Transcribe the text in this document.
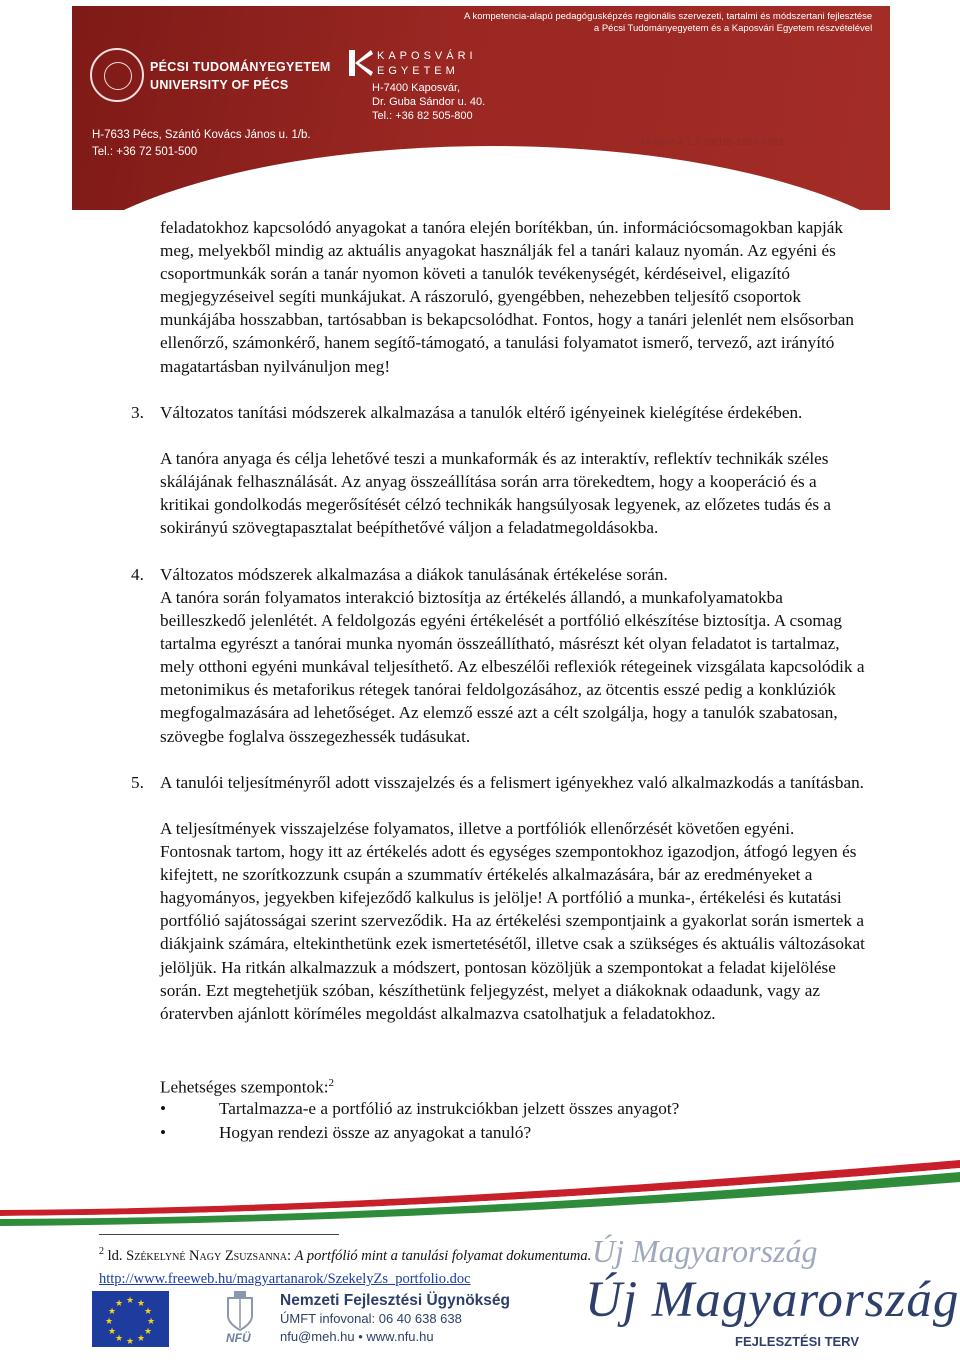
PÉCSI TUDOMÁNYEGYETEM
UNIVERSITY OF PÉCS
KAPOSVÁRI
EGYETEM
H-7400 Kaposvár,
Dr. Guba Sándor u. 40.
Tel.: +36 82 505-800
A kompetencia-alapú pedagógusképzés regionális szervezeti, tartalmi és módszertani fejlesztése
a Pécsi Tudományegyetem és a Kaposvári Egyetem részvételével
H-7633 Pécs, Szántó Kovács János u. 1/b.
Tel.: +36 72 501-500
TÁMOP-4.1.2-08/1/B-2009-0003

feladatokhoz kapcsolódó anyagokat a tanóra elején borítékban, ún. információcsomagokban kapják meg, melyekből mindig az aktuális anyagokat használják fel a tanári kalauz nyomán. Az egyéni és csoportmunkák során a tanár nyomon követi a tanulók tevékenységét, kérdéseivel, eligazító megjegyzéseivel segíti munkájukat. A rászoruló, gyengébben, nehezebben teljesítő csoportok munkájába hosszabban, tartósabban is bekapcsolódhat. Fontos, hogy a tanári jelenlét nem elsősorban ellenőrző, számonkérő, hanem segítő-támogató, a tanulási folyamatot ismerő, tervező, azt irányító magatartásban nyilvánuljon meg!

3. Változatos tanítási módszerek alkalmazása a tanulók eltérő igényeinek kielégítése érdekében.

A tanóra anyaga és célja lehetővé teszi a munkaformák és az interaktív, reflektív technikák széles skálájának felhasználását. Az anyag összeállítása során arra törekedtem, hogy a kooperáció és a kritikai gondolkodás megerősítését célzó technikák hangsúlyosak legyenek, az előzetes tudás és a sokirányú szövegtapasztalat beépíthetővé váljon a feladatmegoldásokba.

4. Változatos módszerek alkalmazása a diákok tanulásának értékelése során.

A tanóra során folyamatos interakció biztosítja az értékelés állandó, a munkafolyamatokba beilleszkedő jelenlétét. A feldolgozás egyéni értékelését a portfólió elkészítése biztosítja. A csomag tartalma egyrészt a tanórai munka nyomán összeállítható, másrészt két olyan feladatot is tartalmaz, mely otthoni egyéni munkával teljesíthető. Az elbeszélői reflexiók rétegeinek vizsgálata kapcsolódik a metonimikus és metaforikus rétegek tanórai feldolgozásához, az ötcentis esszé pedig a konklúziók megfogalmazására ad lehetőséget. Az elemző esszé azt a célt szolgálja, hogy a tanulók szabatosan, szövegbe foglalva összegezhessék tudásukat.

5. A tanulói teljesítményről adott visszajelzés és a felismert igényekhez való alkalmazkodás a tanításban.

A teljesítmények visszajelzése folyamatos, illetve a portfóliók ellenőrzését követően egyéni. Fontosnak tartom, hogy itt az értékelés adott és egységes szempontokhoz igazodjon, átfogó legyen és kifejtett, ne szorítkozzunk csupán a szummatív értékelés alkalmazására, bár az eredményeket a hagyományos, jegyekben kifejeződő kalkulus is jelölje! A portfólió a munka-, értékelési és kutatási portfólió sajátosságai szerint szerveződik. Ha az értékelési szempontjaink a gyakorlat során ismertek a diákjaink számára, eltekinthetünk ezek ismertetésétől, illetve csak a szükséges és aktuális változásokat jelöljük. Ha ritkán alkalmazzuk a módszert, pontosan közöljük a szempontokat a feladat kijelölése során. Ezt megtehetjük szóban, készíthetünk feljegyzést, melyet a diákoknak odaadunk, vagy az óratervben ajánlott köríméles megoldást alkalmazva csatolhatjuk a feladatokhoz.

Lehetséges szempontok:$^2$
•	Tartalmazza-e a portfólió az instrukciókban jelzett összes anyagot?
•	Hogyan rendezi össze az anyagokat a tanuló?
$^2$ ld. Székelyné Nagy Zsuzsanna: A portfólió mint a tanulási folyamat dokumentuma.
http://www.freeweb.hu/magyartanarok/SzekelyZs_portfolio.doc
★ ★
★
★
★
★
★
★
★
★
★
★
NFÜ
Nemzeti Fejlesztési Ügynökség
ÚMFT infovonal: 06 40 638 638
nfu@meh.hu • www.nfu.hu
Új Magyarország
Új Magyarország
FEJLESZTÉSI TERV
